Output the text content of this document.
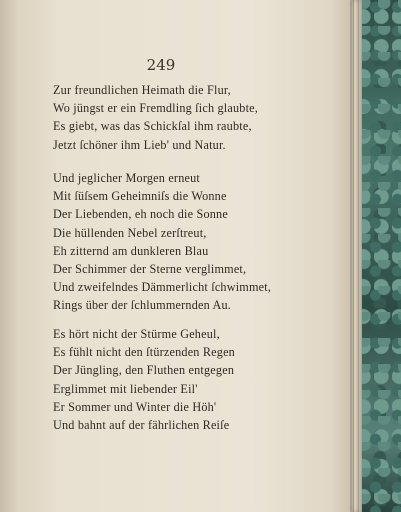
249
Zur freundlichen Heimath die Flur,
Wo jüngst er ein Fremdling ſich glaubte,
Es giebt, was das Schickſal ihm raubte,
Jetzt ſchöner ihm Lieb' und Natur.
Und jeglicher Morgen erneut
Mit ſüſsem Geheimniſs die Wonne
Der Liebenden, eh noch die Sonne
Die hüllenden Nebel zerſtreut,
Eh zitternd am dunkleren Blau
Der Schimmer der Sterne verglimmet,
Und zweifelndes Dämmerlicht ſchwimmet,
Rings über der ſchlummernden Au.
Es hört nicht der Stürme Geheul,
Es fühlt nicht den ſtürzenden Regen
Der Jüngling, den Fluthen entgegen
Erglimmet mit liebender Eil'
Er Sommer und Winter die Höh'
Und bahnt auf der fährlichen Reiſe
